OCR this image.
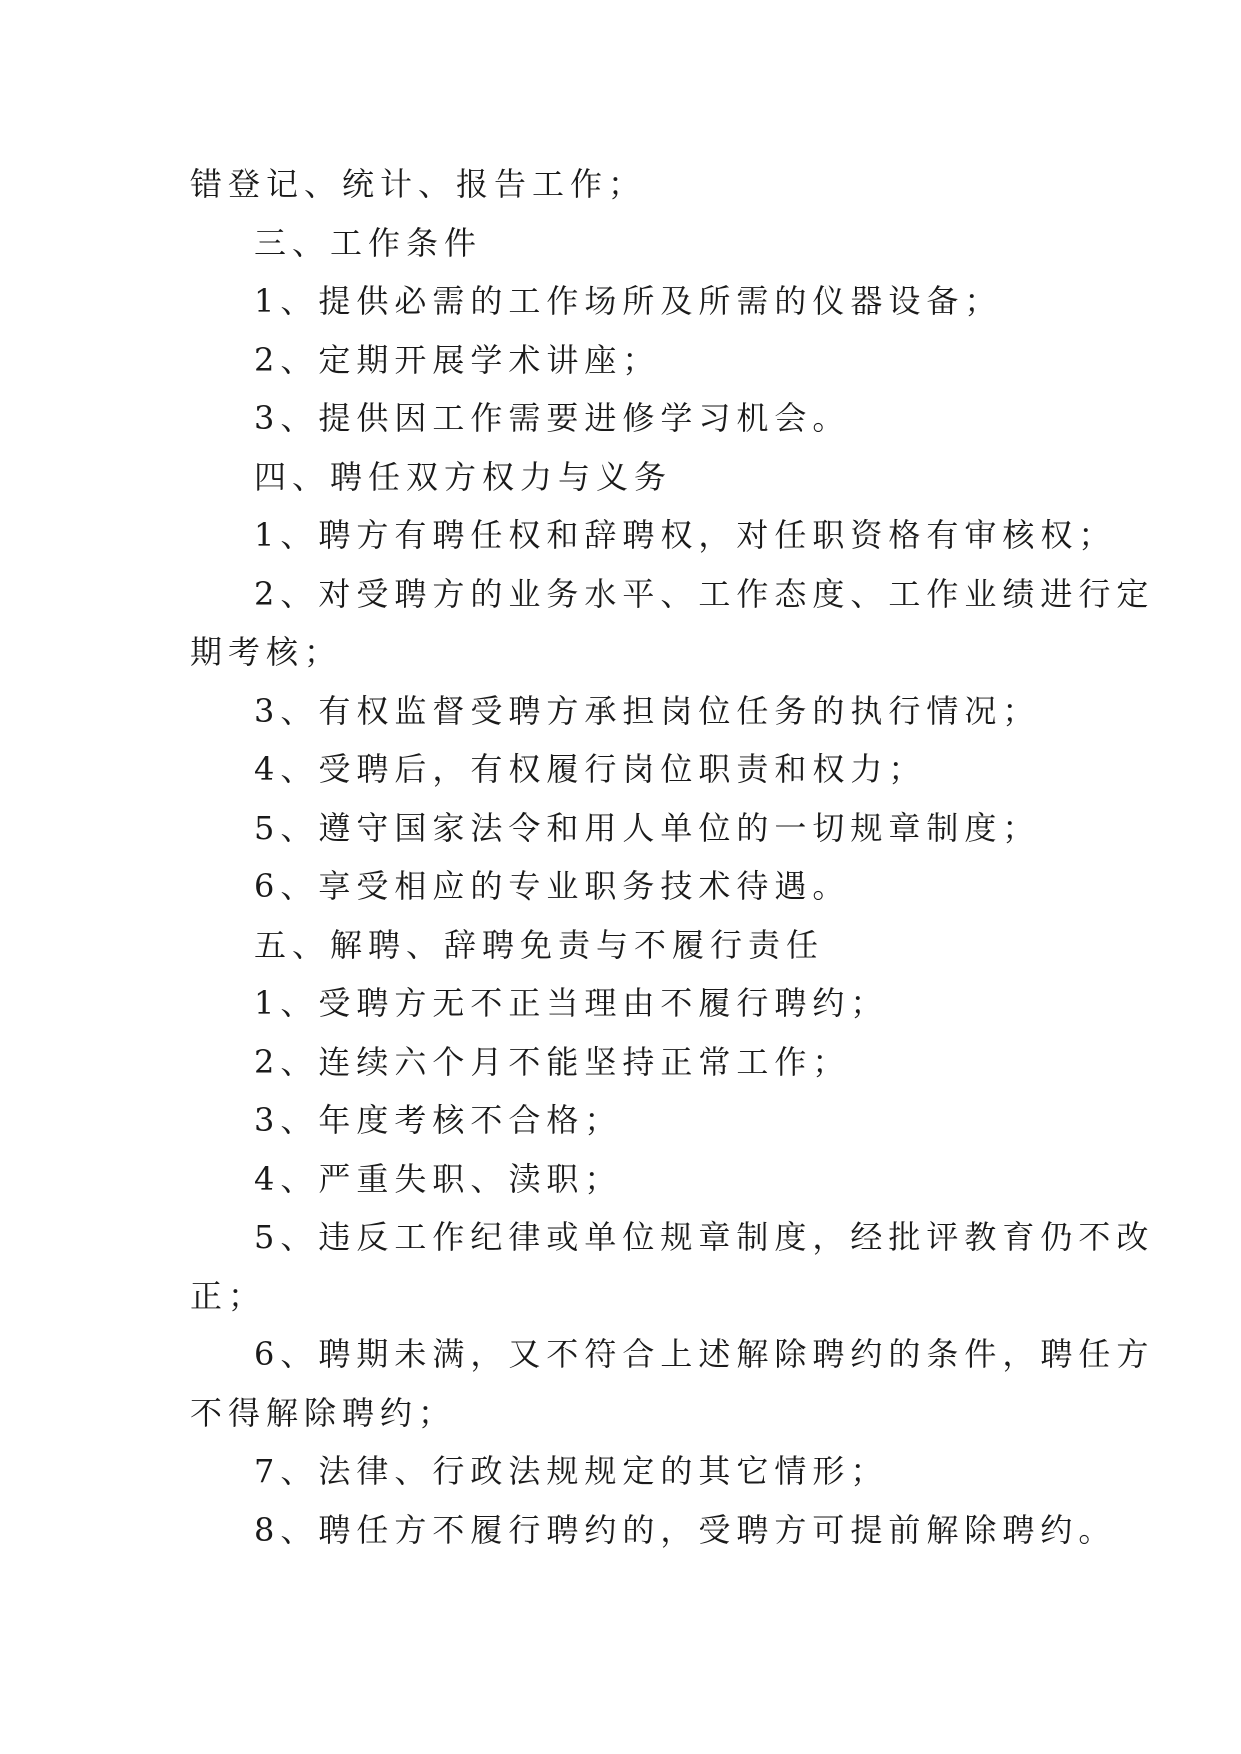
错登记、统计、报告工作；

三、工作条件

1、提供必需的工作场所及所需的仪器设备；

2、定期开展学术讲座；

3、提供因工作需要进修学习机会。

四、聘任双方权力与义务

1、聘方有聘任权和辞聘权，对任职资格有审核权；

2、对受聘方的业务水平、工作态度、工作业绩进行定

期考核；

3、有权监督受聘方承担岗位任务的执行情况；

4、受聘后，有权履行岗位职责和权力；

5、遵守国家法令和用人单位的一切规章制度；

6、享受相应的专业职务技术待遇。

五、解聘、辞聘免责与不履行责任

1、受聘方无不正当理由不履行聘约；

2、连续六个月不能坚持正常工作；

3、年度考核不合格；

4、严重失职、渎职；

5、违反工作纪律或单位规章制度，经批评教育仍不改

正；

6、聘期未满，又不符合上述解除聘约的条件，聘任方

不得解除聘约；

7、法律、行政法规规定的其它情形；

8、聘任方不履行聘约的，受聘方可提前解除聘约。
